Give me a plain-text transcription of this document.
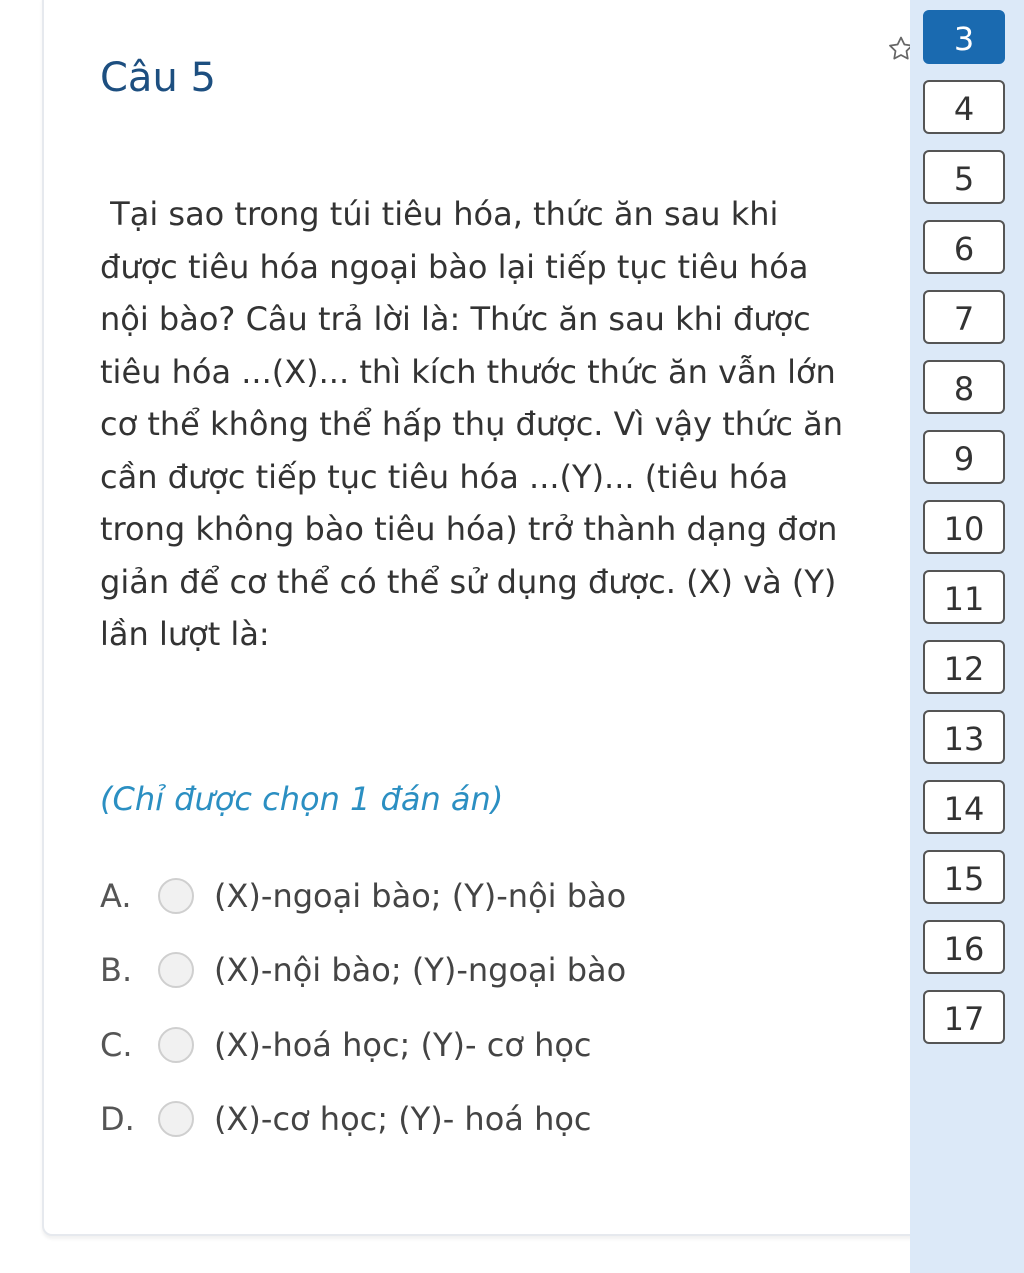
Câu 5

Tại sao trong túi tiêu hóa, thức ăn sau khi
được tiêu hóa ngoại bào lại tiếp tục tiêu hóa
nội bào? Câu trả lời là: Thức ăn sau khi được
tiêu hóa ...(X)... thì kích thước thức ăn vẫn lớn
cơ thể không thể hấp thụ được. Vì vậy thức ăn
cần được tiếp tục tiêu hóa ...(Y)... (tiêu hóa
trong không bào tiêu hóa) trở thành dạng đơn
giản để cơ thể có thể sử dụng được. (X) và (Y)
lần lượt là:

(Chỉ được chọn 1 đán án)

A.	(X)-ngoại bào; (Y)-nội bào
B.	(X)-nội bào; (Y)-ngoại bào
C.	(X)-hoá học; (Y)- cơ học
D. (X)-cơ học; (Y)- hoá học
3
4
5
6
7
8
9
10
11
12
13
14
15
16
17
